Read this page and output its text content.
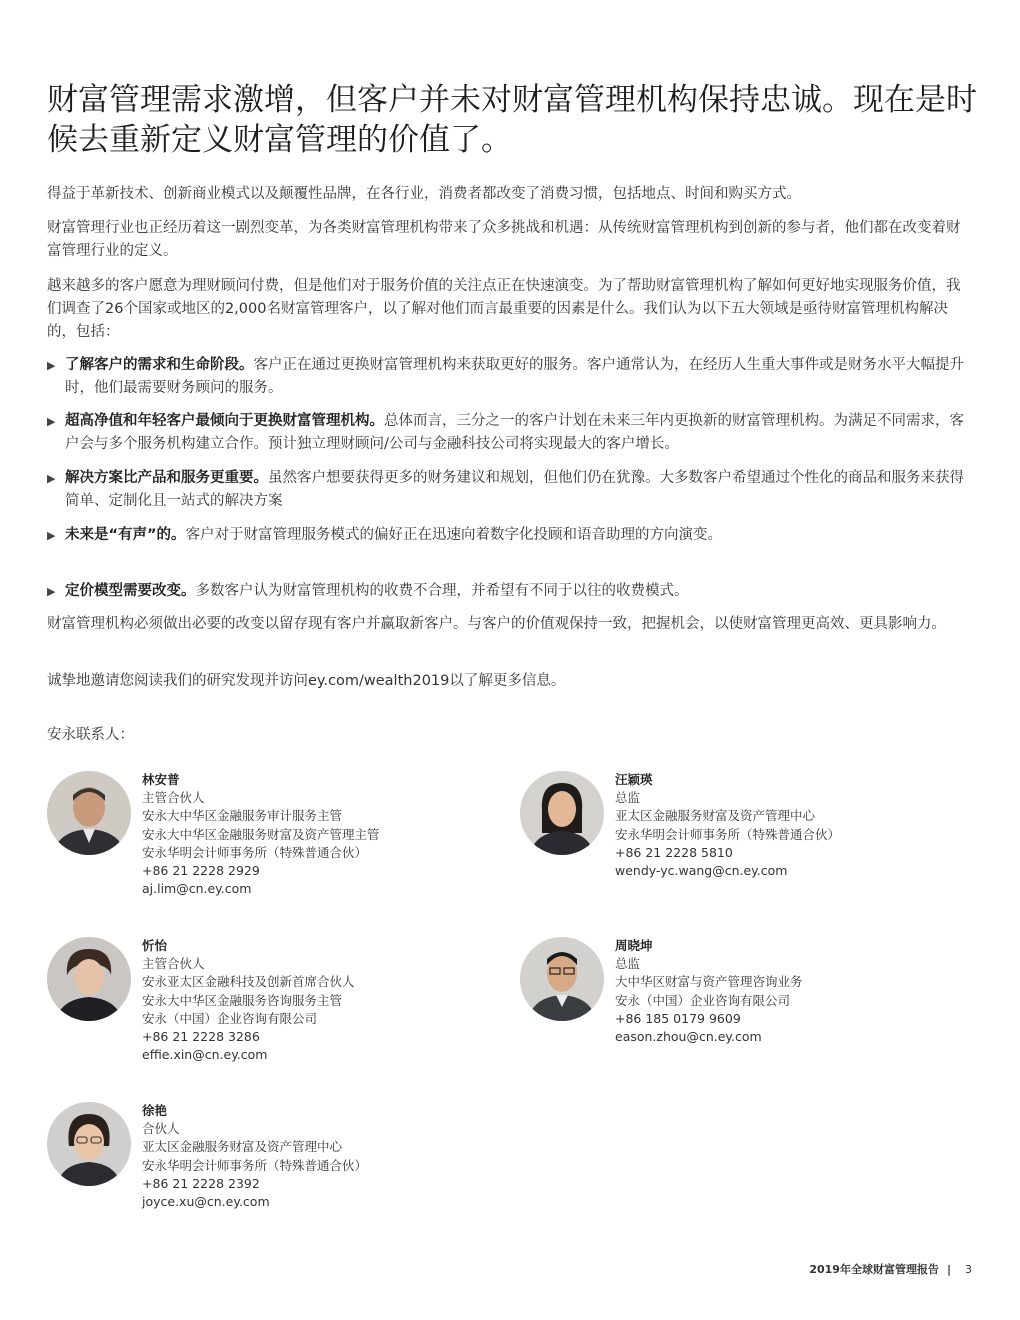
财富管理需求激增，但客户并未对财富管理机构保持忠诚。现在是时候去重新定义财富管理的价值了。
得益于革新技术、创新商业模式以及颠覆性品牌，在各行业，消费者都改变了消费习惯，包括地点、时间和购买方式。
财富管理行业也正经历着这一剧烈变革，为各类财富管理机构带来了众多挑战和机遇：从传统财富管理机构到创新的参与者，他们都在改变着财富管理行业的定义。
越来越多的客户愿意为理财顾问付费，但是他们对于服务价值的关注点正在快速演变。为了帮助财富管理机构了解如何更好地实现服务价值，我们调查了26个国家或地区的2,000名财富管理客户，以了解对他们而言最重要的因素是什么。我们认为以下五大领域是亟待财富管理机构解决的，包括：
▶ 了解客户的需求和生命阶段。客户正在通过更换财富管理机构来获取更好的服务。客户通常认为，在经历人生重大事件或是财务水平大幅提升时，他们最需要财务顾问的服务。
▶ 超高净值和年轻客户最倾向于更换财富管理机构。总体而言，三分之一的客户计划在未来三年内更换新的财富管理机构。为满足不同需求，客户会与多个服务机构建立合作。预计独立理财顾问/公司与金融科技公司将实现最大的客户增长。
▶ 解决方案比产品和服务更重要。虽然客户想要获得更多的财务建议和规划，但他们仍在犹豫。大多数客户希望通过个性化的商品和服务来获得简单、定制化且一站式的解决方案
▶ 未来是“有声”的。客户对于财富管理服务模式的偏好正在迅速向着数字化投顾和语音助理的方向演变。
▶ 定价模型需要改变。多数客户认为财富管理机构的收费不合理，并希望有不同于以往的收费模式。
财富管理机构必须做出必要的改变以留存现有客户并赢取新客户。与客户的价值观保持一致，把握机会，以使财富管理更高效、更具影响力。
诚挚地邀请您阅读我们的研究发现并访问ey.com/wealth2019以了解更多信息。
安永联系人：
林安普
主管合伙人
安永大中华区金融服务审计服务主管
安永大中华区金融服务财富及资产管理主管
安永华明会计师事务所（特殊普通合伙）
+86 21 2228 2929
aj.lim@cn.ey.com
汪颖瑛
总监
亚太区金融服务财富及资产管理中心
安永华明会计师事务所（特殊普通合伙）
+86 21 2228 5810
wendy-yc.wang@cn.ey.com
忻怡
主管合伙人
安永亚太区金融科技及创新首席合伙人
安永大中华区金融服务咨询服务主管
安永（中国）企业咨询有限公司
+86 21 2228 3286
effie.xin@cn.ey.com
周晓坤
总监
大中华区财富与资产管理咨询业务
安永（中国）企业咨询有限公司
+86 185 0179 9609
eason.zhou@cn.ey.com
徐艳
合伙人
亚太区金融服务财富及资产管理中心
安永华明会计师事务所（特殊普通合伙）
+86 21 2228 2392
joyce.xu@cn.ey.com
2019年全球财富管理报告 | 3
